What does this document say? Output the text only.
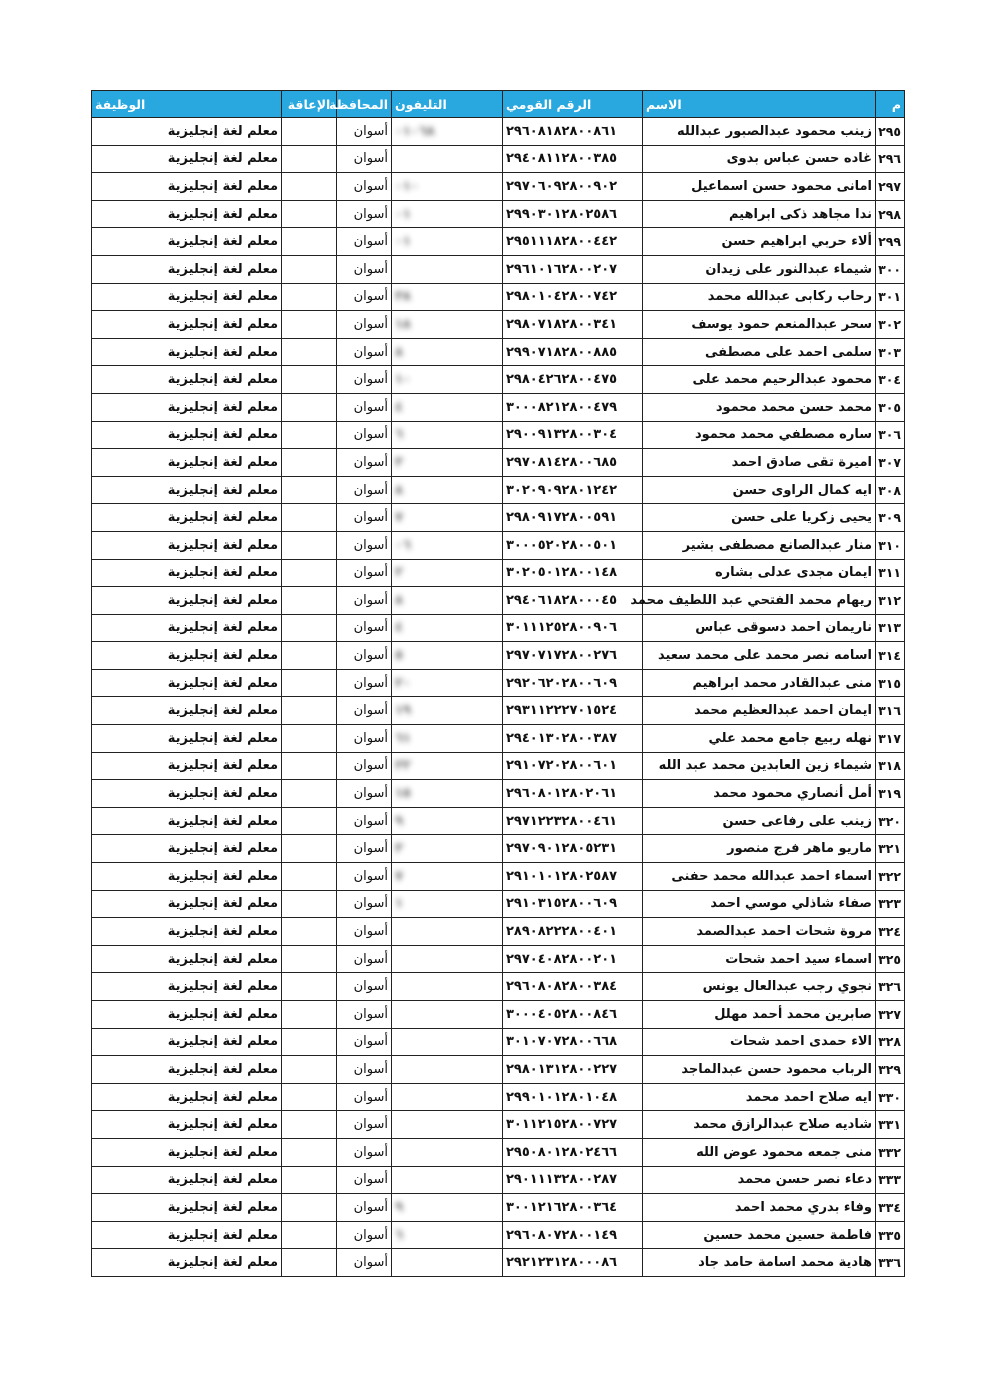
م	الاسم	الرقم القومي	التليفون	المحافظة	الإعاقة	الوظيفة
٢٩٥	زينب محمود عبدالصبور عبدالله	٢٩٦٠٨١٨٢٨٠٠٨٦١	٠١٠٦٨	أسوان		معلم لغة إنجليزية
٢٩٦	غاده حسن عباس بدوى	٢٩٤٠٨١١٢٨٠٠٣٨٥		أسوان		معلم لغة إنجليزية
٢٩٧	امانى محمود حسن اسماعيل	٢٩٧٠٦٠٩٢٨٠٠٩٠٢	٠١٠	أسوان		معلم لغة إنجليزية
٢٩٨	ندا مجاهد ذكى ابراهيم	٢٩٩٠٣٠١٢٨٠٢٥٨٦	٠١	أسوان		معلم لغة إنجليزية
٢٩٩	ألاء حربي ابراهيم حسن	٢٩٥١١١٨٢٨٠٠٤٤٢	٠١	أسوان		معلم لغة إنجليزية
٣٠٠	شيماء عبدالنور على زيدان	٢٩٦١٠١٦٢٨٠٠٢٠٧		أسوان		معلم لغة إنجليزية
٣٠١	رحاب ركابى عبدالله محمد	٢٩٨٠١٠٤٢٨٠٠٧٤٢	٣٨	أسوان		معلم لغة إنجليزية
٣٠٢	سحر عبدالمنعم حمود يوسف	٢٩٨٠٧١٨٢٨٠٠٣٤١	١٨	أسوان		معلم لغة إنجليزية
٣٠٣	سلمى احمد على مصطفى	٢٩٩٠٧١٨٢٨٠٠٨٨٥	٨	أسوان		معلم لغة إنجليزية
٣٠٤	محمود عبدالرحيم محمد على	٢٩٨٠٤٢٦٢٨٠٠٤٧٥	١٠	أسوان		معلم لغة إنجليزية
٣٠٥	محمد حسن محمد محمود	٣٠٠٠٨٢١٢٨٠٠٤٧٩	٤	أسوان		معلم لغة إنجليزية
٣٠٦	ساره مصطفي محمد محمود	٢٩٠٠٩١٣٢٨٠٠٣٠٤	٦	أسوان		معلم لغة إنجليزية
٣٠٧	اميرة تقى صادق احمد	٢٩٧٠٨١٤٢٨٠٠٦٨٥	٣	أسوان		معلم لغة إنجليزية
٣٠٨	ايه كمال الراوى حسن	٣٠٢٠٩٠٩٢٨٠١٢٤٢	٨	أسوان		معلم لغة إنجليزية
٣٠٩	يحيى زكريا على حسن	٢٩٨٠٩١٧٢٨٠٠٥٩١	٧	أسوان		معلم لغة إنجليزية
٣١٠	منار عبدالصانع مصطفى بشير	٣٠٠٠٥٢٠٢٨٠٠٥٠١	٠٦	أسوان		معلم لغة إنجليزية
٣١١	ايمان مجدى عدلى بشاره	٣٠٢٠٥٠١٢٨٠٠١٤٨	٢	أسوان		معلم لغة إنجليزية
٣١٢	ريهام محمد الفتحي عبد اللطيف محمد	٢٩٤٠٦١٨٢٨٠٠٠٤٥	٨	أسوان		معلم لغة إنجليزية
٣١٣	ناريمان احمد دسوقى عباس	٣٠١١١٢٥٢٨٠٠٩٠٦	٤	أسوان		معلم لغة إنجليزية
٣١٤	اسامه نصر محمد على محمد سعيد	٢٩٧٠٧١٧٢٨٠٠٢٧٦	٥	أسوان		معلم لغة إنجليزية
٣١٥	منى عبدالقادر محمد ابراهيم	٢٩٢٠٦٢٠٢٨٠٠٦٠٩	٢٠	أسوان		معلم لغة إنجليزية
٣١٦	ايمان احمد عبدالعظيم محمد	٢٩٣١١٢٢٢٧٠١٥٢٤	١٩	أسوان		معلم لغة إنجليزية
٣١٧	نهله ربيع جامع محمد علي	٢٩٤٠١٣٠٢٨٠٠٣٨٧	٦١	أسوان		معلم لغة إنجليزية
٣١٨	شيماء زين العابدين محمد عبد الله	٢٩١٠٧٢٠٢٨٠٠٦٠١	٢٢	أسوان		معلم لغة إنجليزية
٣١٩	أمل أنصاري محمود محمد	٢٩٦٠٨٠١٢٨٠٢٠٦١	١٥	أسوان		معلم لغة إنجليزية
٣٢٠	زينب على رفاعى حسن	٢٩٧١٢٢٣٢٨٠٠٤٦١	٩	أسوان		معلم لغة إنجليزية
٣٢١	ماريو ماهر فرج منصور	٢٩٧٠٩٠١٢٨٠٥٢٣١	٣	أسوان		معلم لغة إنجليزية
٣٢٢	اسماء احمد عبدالله محمد حفنى	٢٩١٠١٠١٢٨٠٢٥٨٧	٧	أسوان		معلم لغة إنجليزية
٣٢٣	صفاء شاذلي موسي احمد	٢٩١٠٣١٥٢٨٠٠٦٠٩	١	أسوان		معلم لغة إنجليزية
٣٢٤	مروة شحات احمد عبدالصمد	٢٨٩٠٨٢٢٢٨٠٠٤٠١		أسوان		معلم لغة إنجليزية
٣٢٥	اسماء سيد احمد شحات	٢٩٧٠٤٠٨٢٨٠٠٢٠١		أسوان		معلم لغة إنجليزية
٣٢٦	نجوي رجب عبدالعال يونس	٢٩٦٠٨٠٨٢٨٠٠٣٨٤		أسوان		معلم لغة إنجليزية
٣٢٧	صابرين محمد أحمد مهلل	٣٠٠٠٤٠٥٢٨٠٠٨٤٦		أسوان		معلم لغة إنجليزية
٣٢٨	الاء حمدى احمد شحات	٣٠١٠٧٠٧٢٨٠٠٦٦٨		أسوان		معلم لغة إنجليزية
٣٢٩	الرباب محمود حسن عبدالماجد	٢٩٨٠١٣١٢٨٠٠٢٢٧		أسوان		معلم لغة إنجليزية
٣٣٠	ايه صلاح احمد محمد	٢٩٩٠١٠١٢٨٠١٠٤٨		أسوان		معلم لغة إنجليزية
٣٣١	شاديه صلاح عبدالرازق محمد	٣٠١١٢١٥٢٨٠٠٧٢٧		أسوان		معلم لغة إنجليزية
٣٣٢	منى جمعه محمود عوض الله	٢٩٥٠٨٠١٢٨٠٢٤٦٦		أسوان		معلم لغة إنجليزية
٣٣٣	دعاء نصر حسن محمد	٢٩٠١١١٣٢٨٠٠٢٨٧		أسوان		معلم لغة إنجليزية
٣٣٤	وفاء بدري محمد احمد	٣٠٠١٢١٦٢٨٠٠٣٦٤	٩	أسوان		معلم لغة إنجليزية
٣٣٥	فاطمة حسين محمد حسين	٢٩٦٠٨٠٧٢٨٠٠١٤٩	٦	أسوان		معلم لغة إنجليزية
٣٣٦	هادية محمد اسامة حامد جاد	٢٩٢١٢٣١٢٨٠٠٠٨٦		أسوان		معلم لغة إنجليزية
